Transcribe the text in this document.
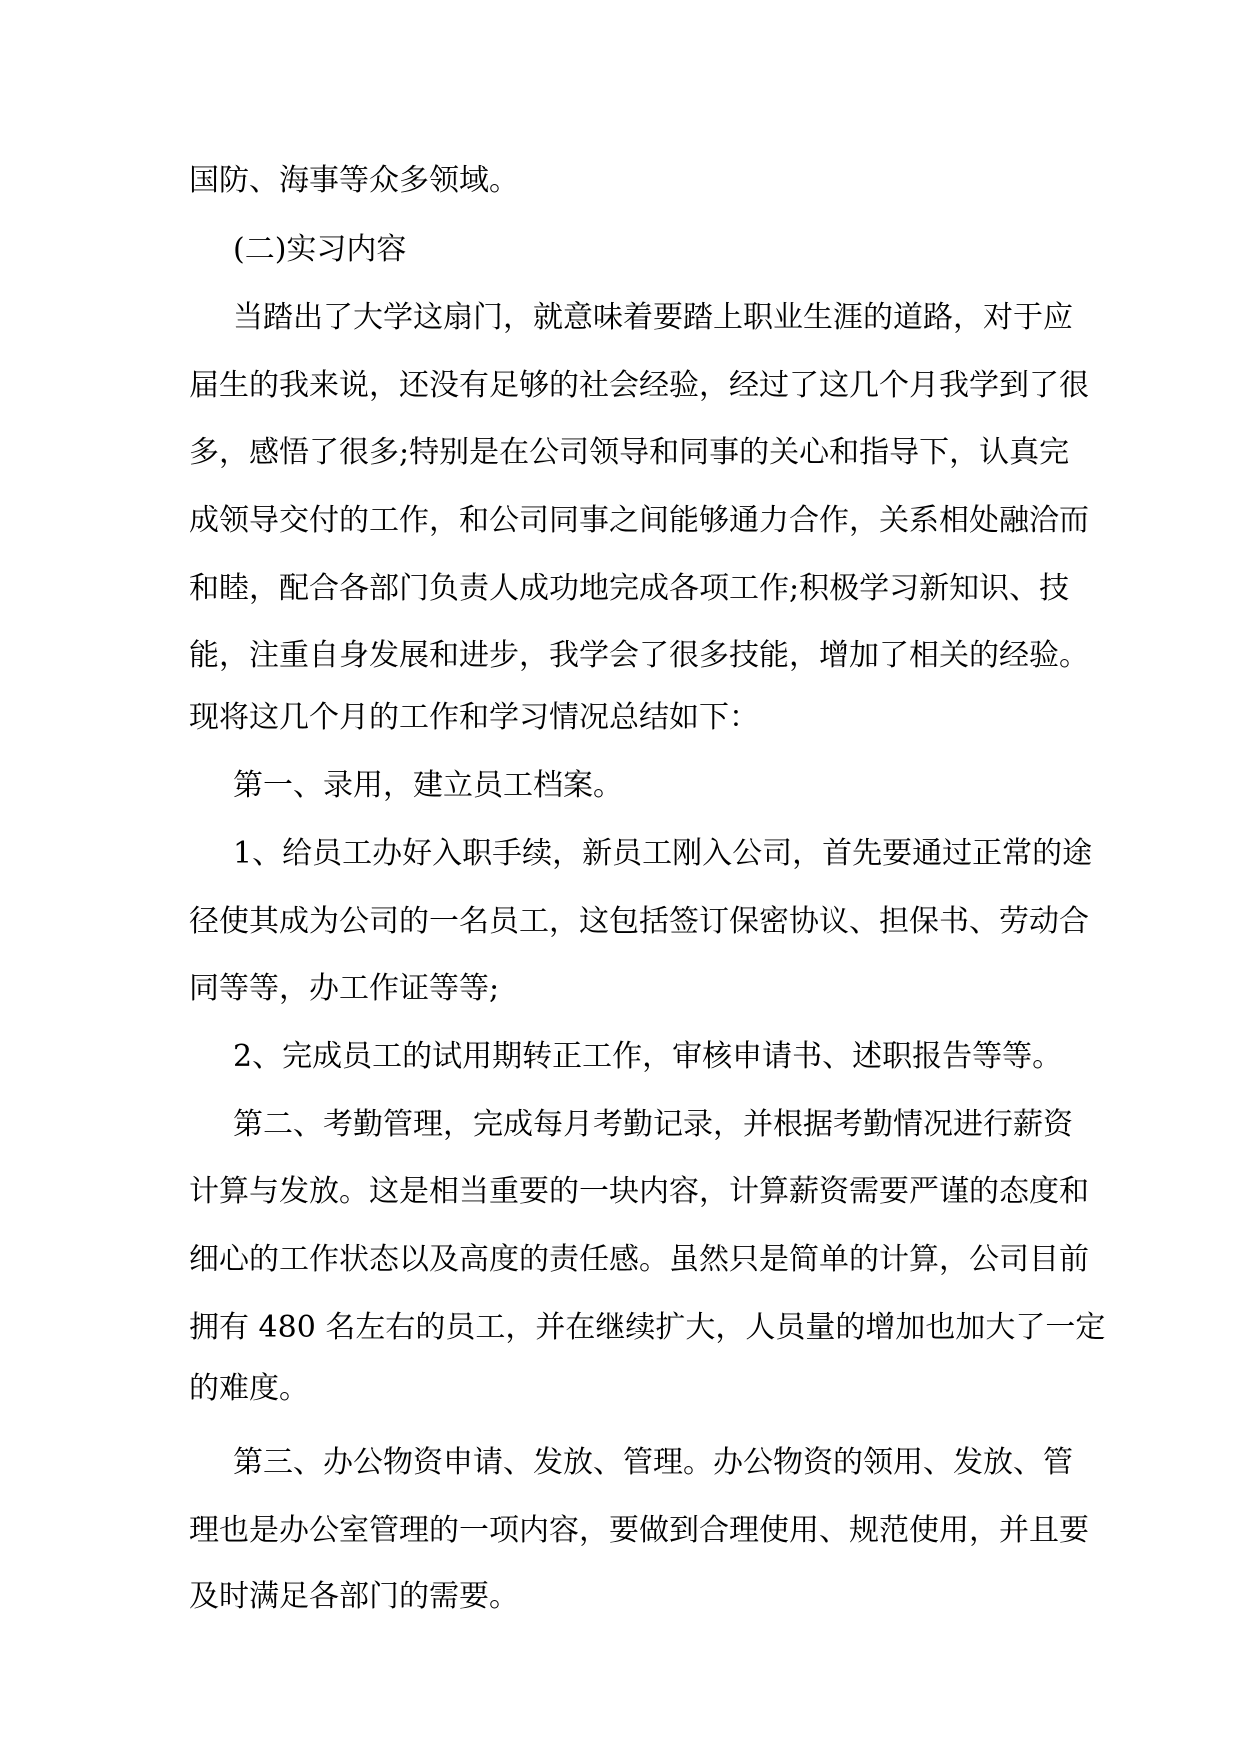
国防、海事等众多领域。
(二)实习内容
当踏出了大学这扇门，就意味着要踏上职业生涯的道路，对于应
届生的我来说，还没有足够的社会经验，经过了这几个月我学到了很
多，感悟了很多;特别是在公司领导和同事的关心和指导下，认真完
成领导交付的工作，和公司同事之间能够通力合作，关系相处融洽而
和睦，配合各部门负责人成功地完成各项工作;积极学习新知识、技
能，注重自身发展和进步，我学会了很多技能，增加了相关的经验。
现将这几个月的工作和学习情况总结如下：
第一、录用，建立员工档案。
1、给员工办好入职手续，新员工刚入公司，首先要通过正常的途
径使其成为公司的一名员工，这包括签订保密协议、担保书、劳动合
同等等，办工作证等等;
2、完成员工的试用期转正工作，审核申请书、述职报告等等。
第二、考勤管理，完成每月考勤记录，并根据考勤情况进行薪资
计算与发放。这是相当重要的一块内容，计算薪资需要严谨的态度和
细心的工作状态以及高度的责任感。虽然只是简单的计算，公司目前
拥有 480 名左右的员工，并在继续扩大，人员量的增加也加大了一定
的难度。
第三、办公物资申请、发放、管理。办公物资的领用、发放、管
理也是办公室管理的一项内容，要做到合理使用、规范使用，并且要
及时满足各部门的需要。
